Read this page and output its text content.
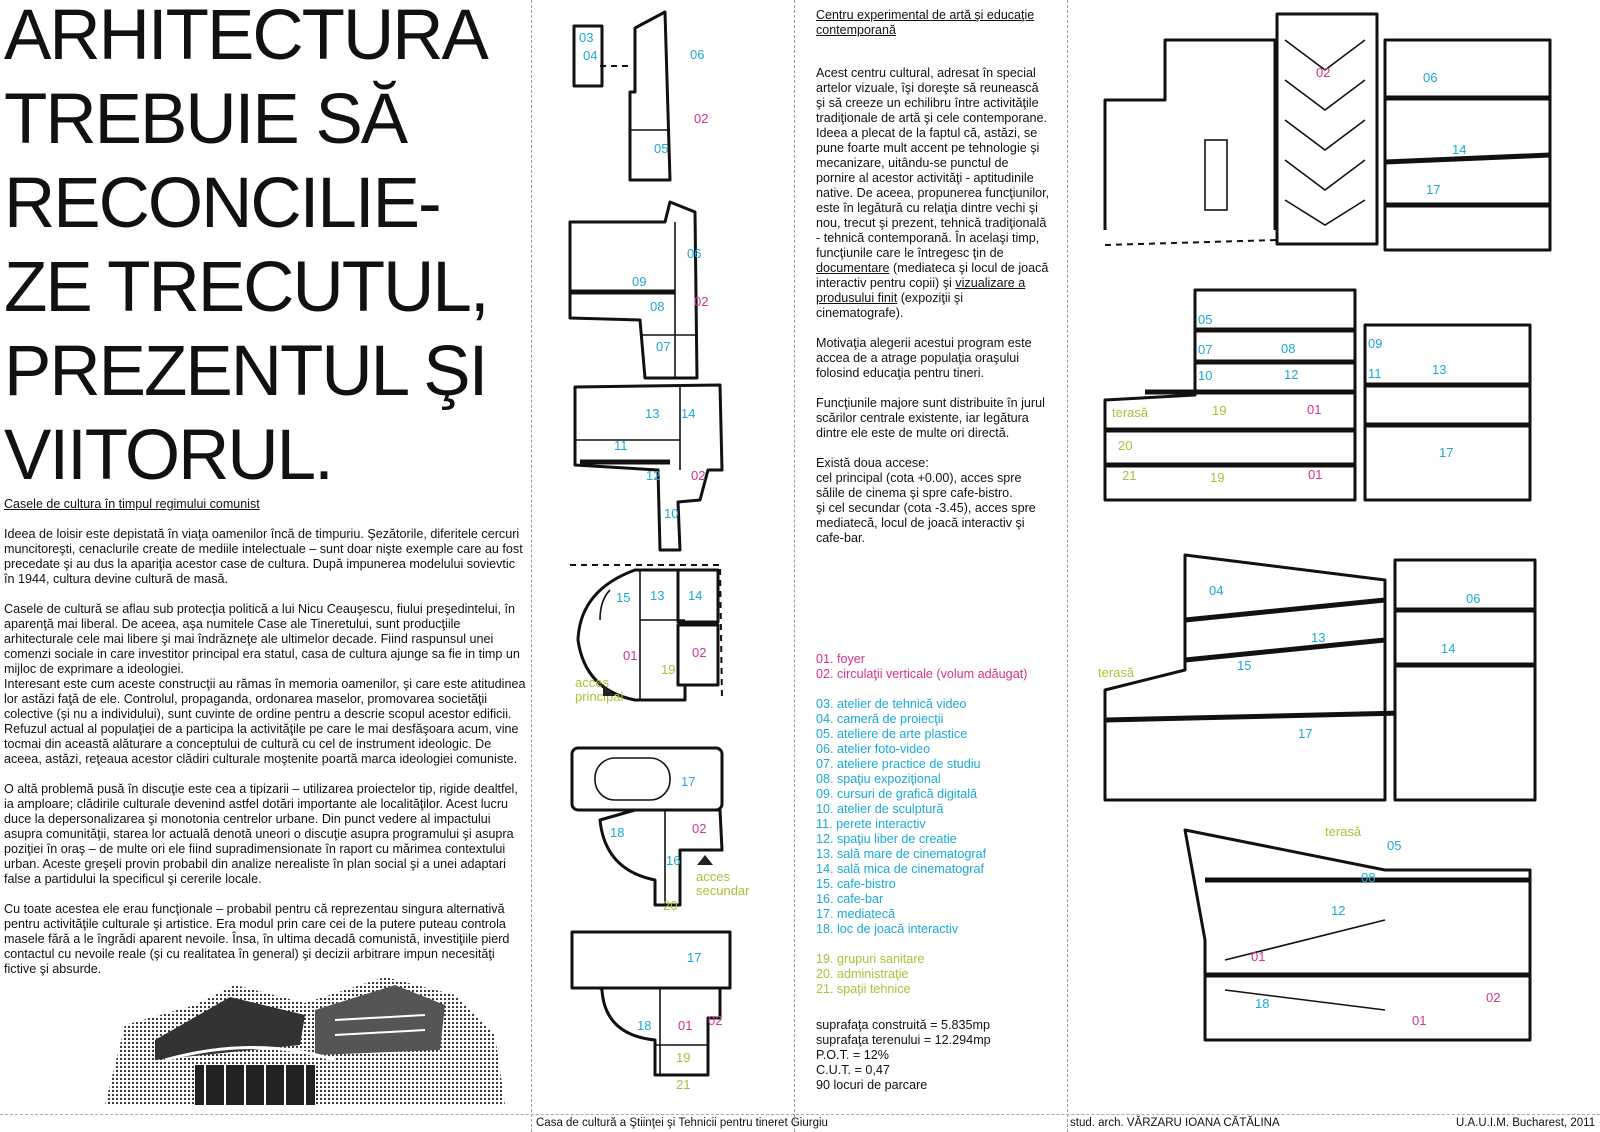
ARHITECTURA
TREBUIE SĂ
RECONCILIE-
ZE TRECUTUL,
PREZENTUL ŞI
VIITORUL.
Casele de cultura în timpul regimului comunist

Ideea de loisir este depistată în viaţa oamenilor încă de timpuriu. Şezătorile, diferitele cercuri muncitoreşti, cenaclurile create de mediile intelectuale – sunt doar nişte exemple care au fost precedate şi au dus la apariţia acestor case de cultura. După impunerea modelului sovievtic în 1944, cultura devine cultură de masă.

Casele de cultură se aflau sub protecţia politică a lui Nicu Ceauşescu, fiului preşedintelui, în aparenţă mai liberal. De aceea, aşa numitele Case ale Tineretului, sunt producţiile arhitecturale cele mai libere şi mai îndrăzneţe ale ultimelor decade. Fiind raspunsul unei comenzi sociale in care investitor principal era statul, casa de cultura ajunge sa fie in timp un mijloc de exprimare a ideologiei.
Interesant este cum aceste construcţii au rămas în memoria oamenilor, şi care este atitudinea lor astăzi faţă de ele. Controlul, propaganda, ordonarea maselor, promovarea societăţii colective (şi nu a individului), sunt cuvinte de ordine pentru a descrie scopul acestor edificii. Refuzul actual al populaţiei de a participa la activităţile pe care le mai desfăşoara acum, vine tocmai din această alăturare a conceptului de cultură cu cel de instrument ideologic. De aceea, astăzi, reţeaua acestor clădiri culturale moştenite poartă marca ideologiei comuniste.

O altă problemă pusă în discuţie este cea a tipizarii – utilizarea proiectelor tip, rigide dealtfel, ia amploare; clădirile culturale devenind astfel dotări importante ale localităţilor. Acest lucru duce la depersonalizarea şi monotonia centrelor urbane. Din punct vedere al impactului asupra comunităţii, starea lor actuală denotă uneori o discuţie asupra programului şi asupra poziţiei în oraş – de multe ori ele fiind supradimensionate în raport cu mărimea contextului urban. Aceste greşeli provin probabil din analize nerealiste în plan social şi a unei adaptari false a partidului la specificul şi cererile locale.

Cu toate acestea ele erau funcţionale – probabil pentru că reprezentau singura alternativă pentru activităţile culturale şi artistice. Era modul prin care cei de la putere puteau controla masele fără a le îngrădi aparent nevoile. Însa, în ultima decadă comunistă, investiţiile pierd contactul cu nevoile reale (şi cu realitatea în general) şi decizii arbitrare impun necesităţi fictive şi absurde.

03
04	06
02
05
06
09
08 02
07
13 14
11
12 02
10
15 13 14
01	02
19
acces
principal
17
18	02
16
20
acces
secundar
17
18 01 02
19
21
Centru experimental de artă şi educaţie contemporană

Acest centru cultural, adresat în special artelor vizuale, îşi doreşte să reunească şi să creeze un echilibru între activităţile tradiţionale de artă şi cele contemporane. Ideea a plecat de la faptul că, astăzi, se pune foarte mult accent pe tehnologie şi mecanizare, uitându-se punctul de pornire al acestor activităţi - aptitudinile native. De aceea, propunerea funcţiunilor, este în legătură cu relaţia dintre vechi şi nou, trecut şi prezent, tehnică tradiţională - tehnică contemporană. În acelaşi timp, funcţiunile care le întregesc ţin de documentare (mediateca şi locul de joacă interactiv pentru copii) şi vizualizare a produsului finit (expoziţii şi cinematografe).

Motivaţia alegerii acestui program este accea de a atrage populaţia oraşului folosind educaţia pentru tineri.

Funcţiunile majore sunt distribuite în jurul scărilor centrale existente, iar legătura dintre ele este de multe ori directă.

Există doua accese:
cel principal (cota +0.00), acces spre sălile de cinema şi spre cafe-bistro.
şi cel secundar (cota -3.45), acces spre mediatecă, locul de joacă interactiv şi cafe-bar.

01. foyer
02. circulaţii verticale (volum adăugat)
03. atelier de tehnică video
04. cameră de proiecţii
05. ateliere de arte plastice
06. atelier foto-video
07. ateliere practice de studiu
08. spaţiu expoziţional
09. cursuri de grafică digitală
10. atelier de sculptură
11. perete interactiv
12. spaţiu liber de creatie
13. sală mare de cinematograf
14. sală mica de cinematograf
15. cafe-bistro
16. cafe-bar
17. mediatecă
18. loc de joacă interactiv
19. grupuri sanitare
20. administraţie
21. spaţii tehnice
suprafaţa construită = 5.835mp
suprafaţa terenului = 12.294mp
P.O.T. = 12%
C.U.T. = 0,47
90 locuri de parcare
02	06
14
17
05
07	08	09
10	12	11	13
terasă	19	01
20	17
21	19	01
04
06
13
14
terasă	15
17
terasă
05
08
12
01
18	02
01
Casa de cultură a Ştiinţei şi Tehnicii pentru tineret Giurgiu	stud. arch. VĂRZARU IOANA CĂTĂLINA	U.A.U.I.M. Bucharest, 2011
